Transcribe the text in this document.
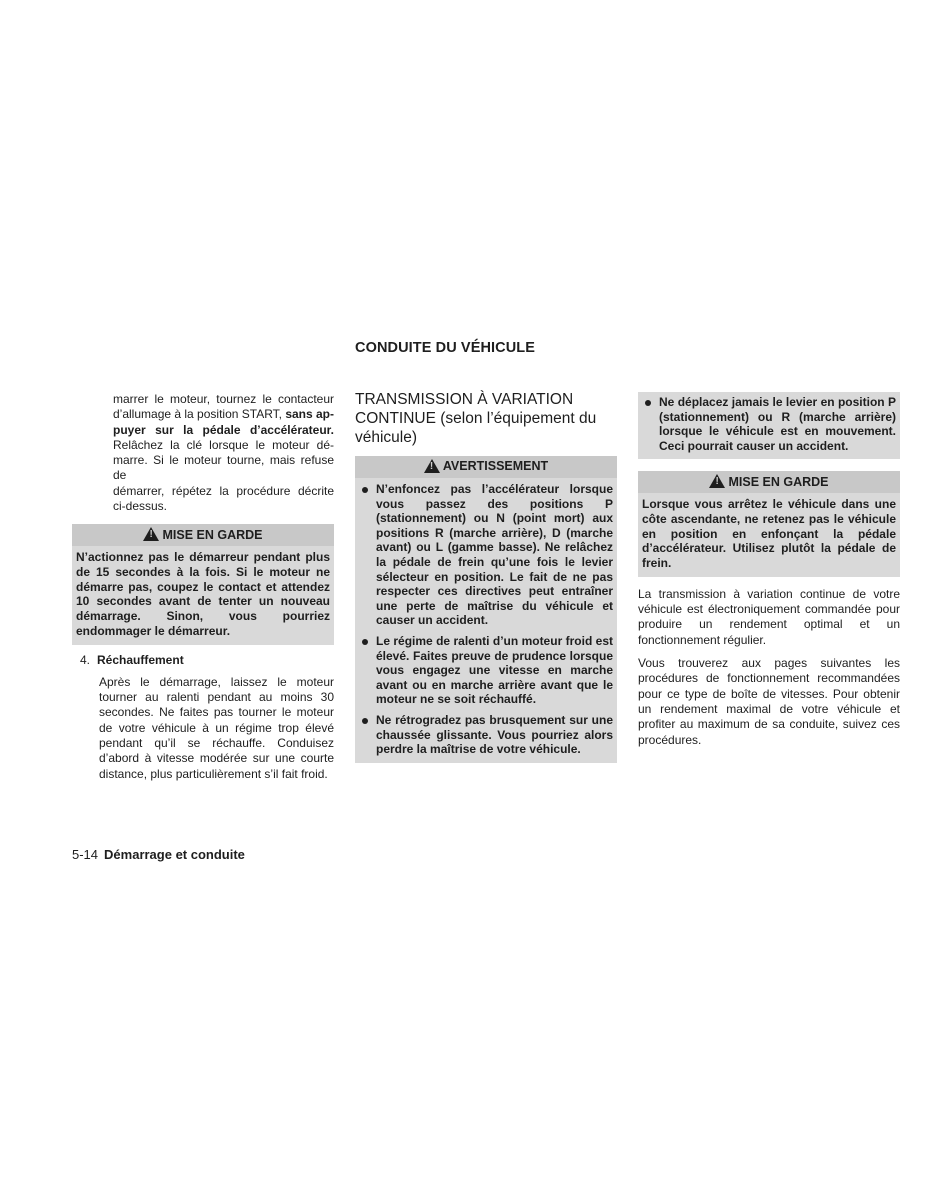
CONDUITE DU VÉHICULE
marrer le moteur, tournez le contacteur
d’allumage à la position START, sans ap-
puyer sur la pédale d’accélérateur.
Relâchez la clé lorsque le moteur dé-
marre. Si le moteur tourne, mais refuse de
démarrer, répétez la procédure décrite
ci-dessus.
!
MISE EN GARDE
N’actionnez pas le démarreur pendant plus de 15 secondes à la fois. Si le moteur ne démarre pas, coupez le contact et attendez 10 secondes avant de tenter un nouveau démarrage. Sinon, vous pourriez endommager le démarreur.
4. Réchauffement

Après le démarrage, laissez le moteur tourner au ralenti pendant au moins 30 secondes. Ne faites pas tourner le moteur de votre véhicule à un régime trop élevé pendant qu’il se réchauffe. Conduisez d’abord à vitesse modérée sur une courte distance, plus particulièrement s’il fait froid.

TRANSMISSION À VARIATION CONTINUE (selon l’équipement du véhicule)
!
AVERTISSEMENT
N’enfoncez pas l’accélérateur lorsque vous passez des positions P (stationnement) ou N (point mort) aux positions R (marche arrière), D (marche avant) ou L (gamme basse). Ne relâchez la pédale de frein qu’une fois le levier sélecteur en position. Le fait de ne pas respecter ces directives peut entraîner une perte de maîtrise du véhicule et causer un accident.
Le régime de ralenti d’un moteur froid est élevé. Faites preuve de prudence lorsque vous engagez une vitesse en marche avant ou en marche arrière avant que le moteur ne se soit réchauffé.
Ne rétrogradez pas brusquement sur une chaussée glissante. Vous pourriez alors perdre la maîtrise de votre véhicule.
Ne déplacez jamais le levier en position P (stationnement) ou R (marche arrière) lorsque le véhicule est en mouvement. Ceci pourrait causer un accident.
!
MISE EN GARDE
Lorsque vous arrêtez le véhicule dans une côte ascendante, ne retenez pas le véhicule en position en enfonçant la pédale d’accélérateur. Utilisez plutôt la pédale de frein.

La transmission à variation continue de votre véhicule est électroniquement commandée pour produire un rendement optimal et un fonctionnement régulier.

Vous trouverez aux pages suivantes les procédures de fonctionnement recommandées pour ce type de boîte de vitesses. Pour obtenir un rendement maximal de votre véhicule et profiter au maximum de sa conduite, suivez ces procédures.

5-14 Démarrage et conduite
